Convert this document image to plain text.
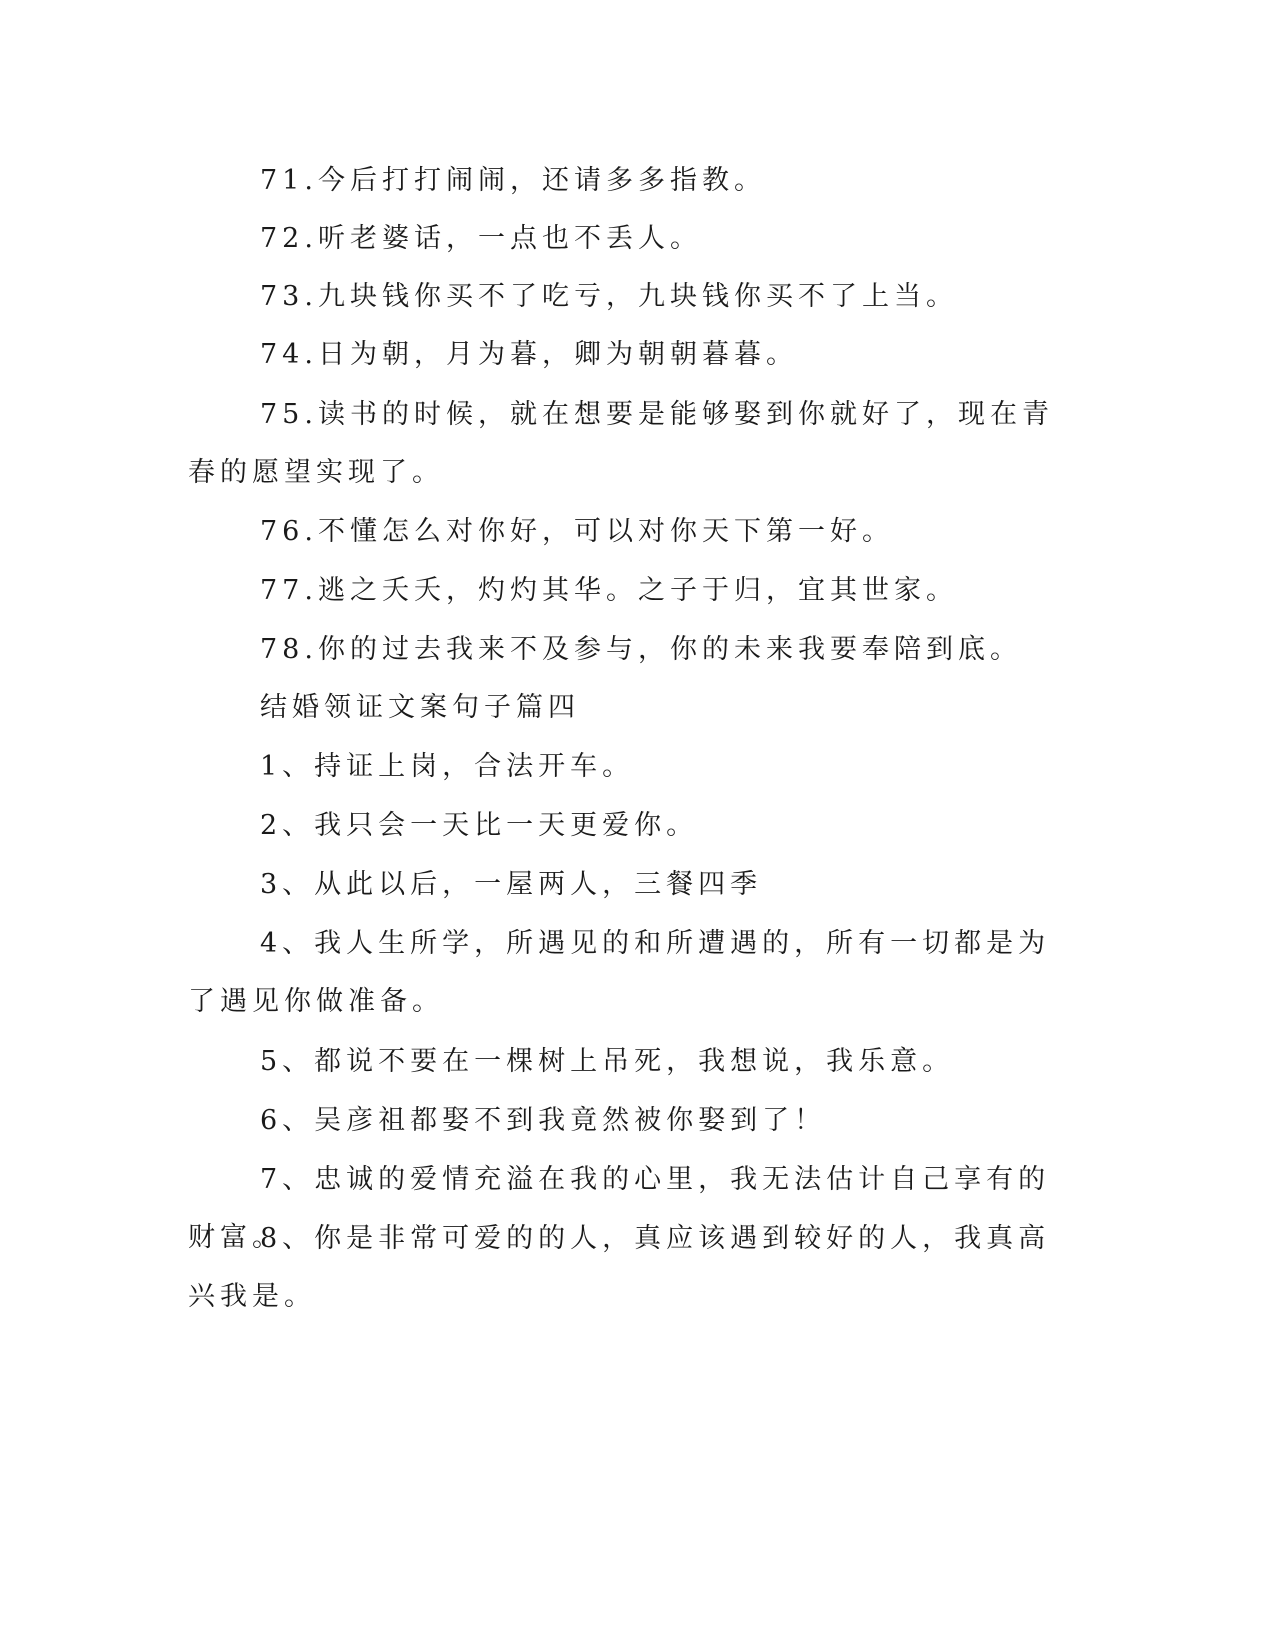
71.今后打打闹闹，还请多多指教。

72.听老婆话，一点也不丢人。

73.九块钱你买不了吃亏，九块钱你买不了上当。

74.日为朝，月为暮，卿为朝朝暮暮。

75.读书的时候，就在想要是能够娶到你就好了，现在青春的愿望实现了。

76.不懂怎么对你好，可以对你天下第一好。

77.逃之夭夭，灼灼其华。之子于归，宜其世家。

78.你的过去我来不及参与，你的未来我要奉陪到底。

结婚领证文案句子篇四

1、持证上岗，合法开车。

2、我只会一天比一天更爱你。

3、从此以后，一屋两人，三餐四季

4、我人生所学，所遇见的和所遭遇的，所有一切都是为了遇见你做准备。

5、都说不要在一棵树上吊死，我想说，我乐意。

6、吴彦祖都娶不到我竟然被你娶到了！

7、忠诚的爱情充溢在我的心里，我无法估计自己享有的财富。

8、你是非常可爱的的人，真应该遇到较好的人，我真高兴我是。
